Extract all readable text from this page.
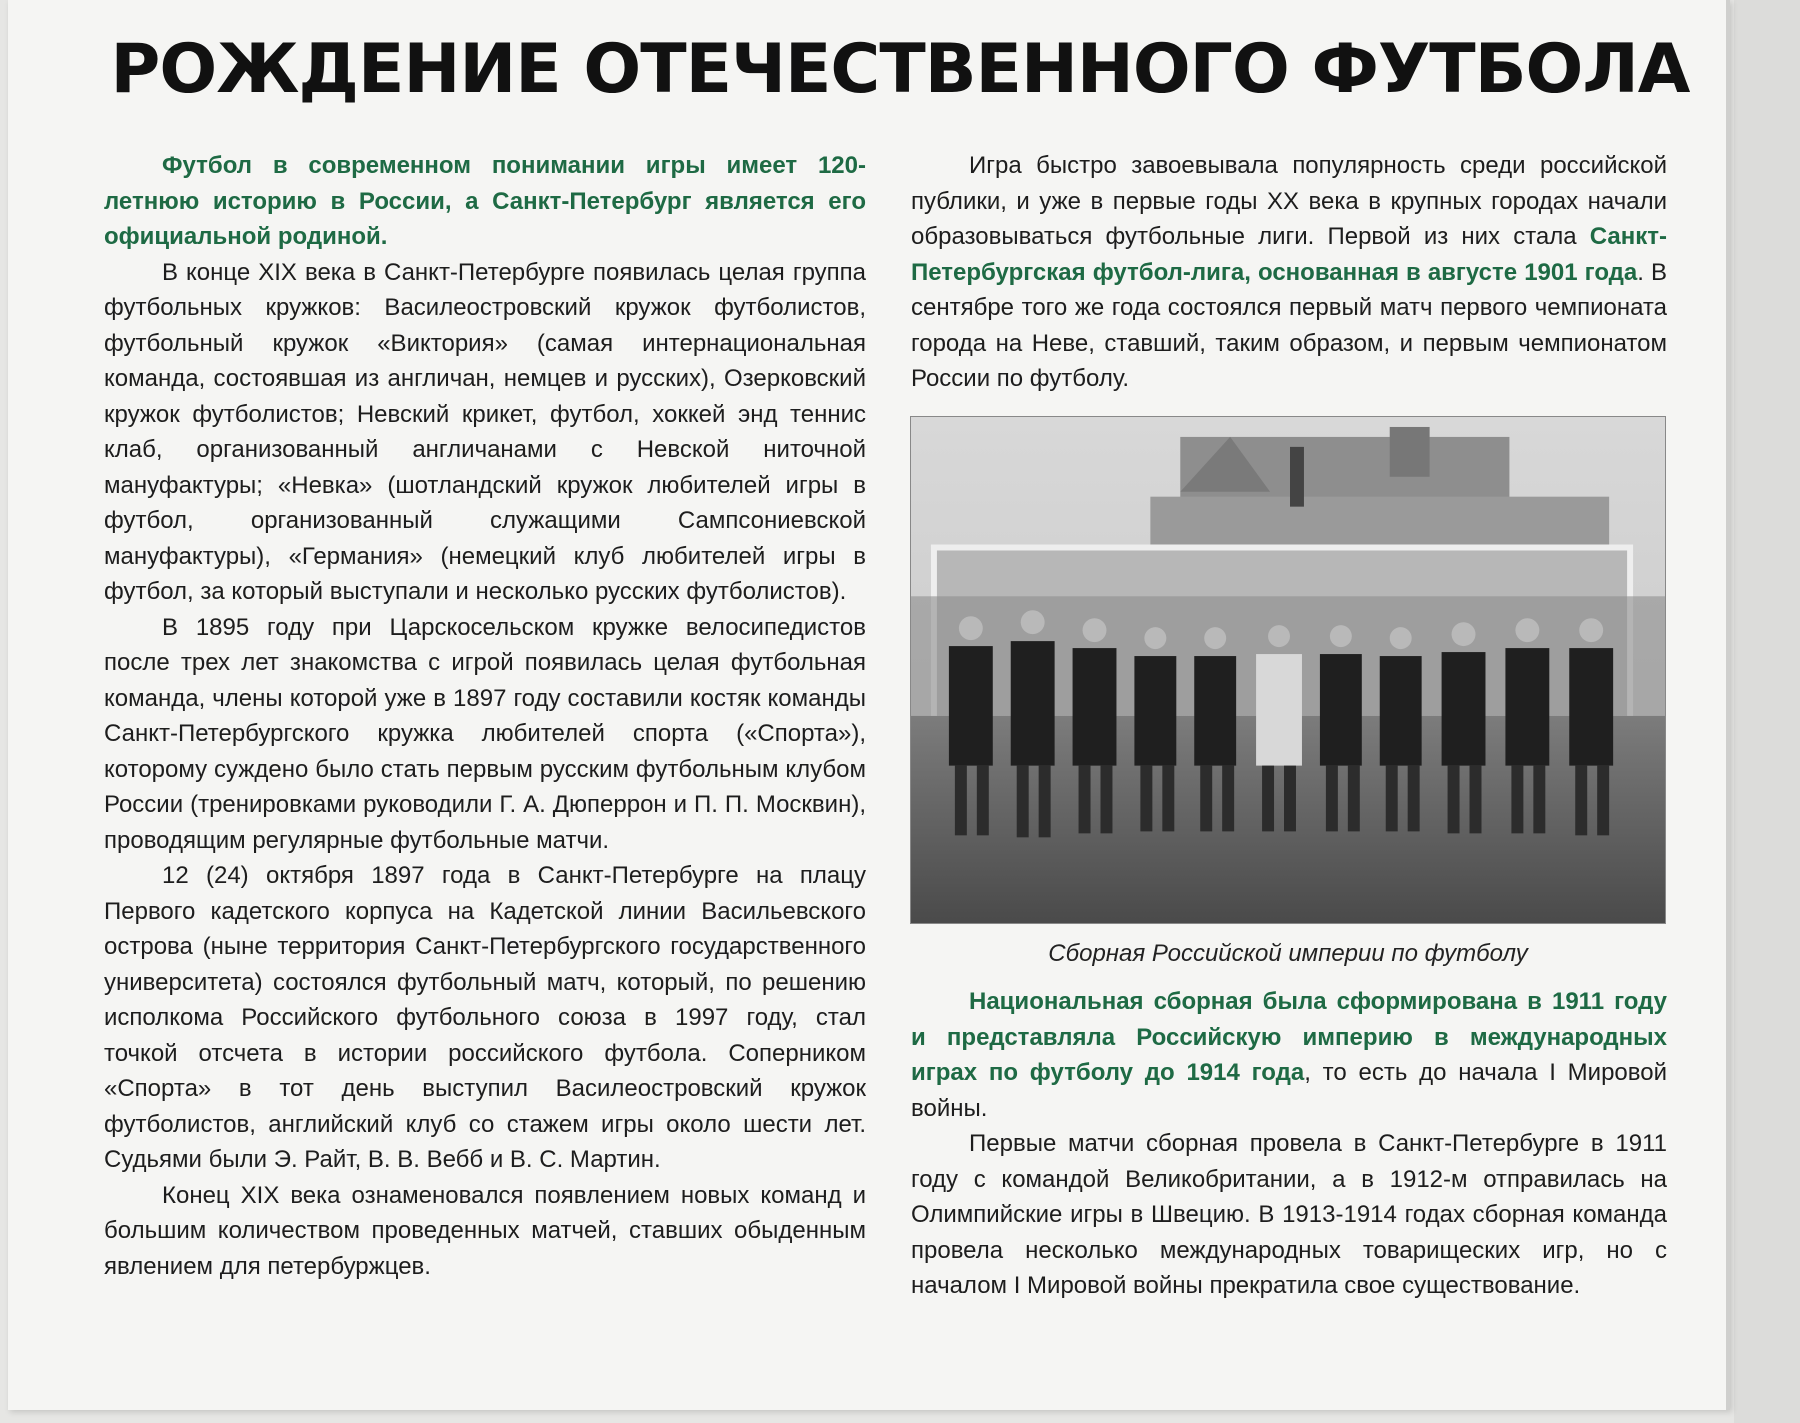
РОЖДЕНИЕ ОТЕЧЕСТВЕННОГО ФУТБОЛА

Футбол в современном понимании игры имеет 120-летнюю историю в России, а Санкт-Петербург является его официальной родиной.

В конце XIX века в Санкт-Петербурге появилась целая группа футбольных кружков: Василеостровский кружок футболистов, футбольный кружок «Виктория» (самая интернациональная команда, состоявшая из англичан, немцев и русских), Озерковский кружок футболистов; Невский крикет, футбол, хоккей энд теннис клаб, организованный англичанами с Невской ниточной мануфактуры; «Невка» (шотландский кружок любителей игры в футбол, организованный служащими Сампсониевской мануфактуры), «Германия» (немецкий клуб любителей игры в футбол, за который выступали и несколько русских футболистов).

В 1895 году при Царскосельском кружке велосипедистов после трех лет знакомства с игрой появилась целая футбольная команда, члены которой уже в 1897 году составили костяк команды Санкт-Петербургского кружка любителей спорта («Спорта»), которому суждено было стать первым русским футбольным клубом России (тренировками руководили Г. А. Дюперрон и П. П. Москвин), проводящим регулярные футбольные матчи.

12 (24) октября 1897 года в Санкт-Петербурге на плацу Первого кадетского корпуса на Кадетской линии Васильевского острова (ныне территория Санкт-Петербургского государственного университета) состоялся футбольный матч, который, по решению исполкома Российского футбольного союза в 1997 году, стал точкой отсчета в истории российского футбола. Соперником «Спорта» в тот день выступил Василеостровский кружок футболистов, английский клуб со стажем игры около шести лет. Судьями были Э. Райт, В. В. Вебб и В. С. Мартин.

Конец XIX века ознаменовался появлением новых команд и большим количеством проведенных матчей, ставших обыденным явлением для петербуржцев.

Игра быстро завоевывала популярность среди российской публики, и уже в первые годы XX века в крупных городах начали образовываться футбольные лиги. Первой из них стала Санкт-Петербургская футбол-лига, основанная в августе 1901 года. В сентябре того же года состоялся первый матч первого чемпионата города на Неве, ставший, таким образом, и первым чемпионатом России по футболу.

Сборная Российской империи по футболу

Национальная сборная была сформирована в 1911 году и представляла Российскую империю в международных играх по футболу до 1914 года, то есть до начала I Мировой войны.

Первые матчи сборная провела в Санкт-Петербурге в 1911 году с командой Великобритании, а в 1912-м отправилась на Олимпийские игры в Швецию. В 1913-1914 годах сборная команда провела несколько международных товарищеских игр, но с началом I Мировой войны прекратила свое существование.
